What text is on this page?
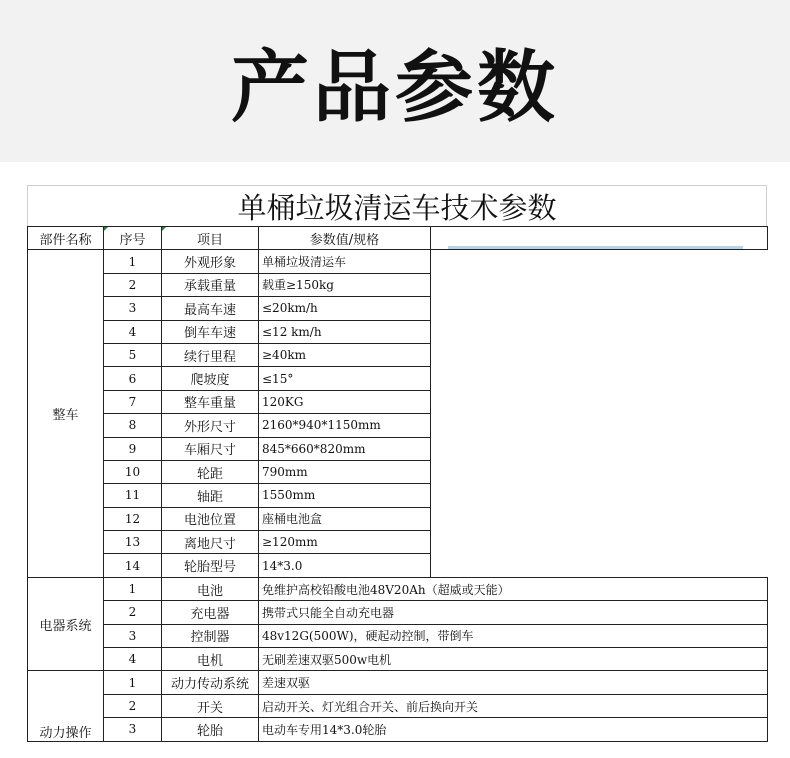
产品参数
单桶垃圾清运车技术参数
部件名称	序号	项目	参数值/规格	

整车	1	外观形象	单桶垃圾清运车	
	2	承载重量	载重≥150kg	
	3	最高车速	≤20km/h	
	4	倒车车速	≤12 km/h	
	5	续行里程	≥40km	
	6	爬坡度	≤15°	
	7	整车重量	120KG	
	8	外形尺寸	2160*940*1150mm	
	9	车厢尺寸	845*660*820mm	
	10	轮距	790mm	
	11	轴距	1550mm	
	12	电池位置	座桶电池盒	
	13	离地尺寸	≥120mm	
	14	轮胎型号	14*3.0	
电器系统	1	电池	免维护高校铅酸电池48V20Ah（超威或天能）	
	2	充电器	携带式只能全自动充电器	
	3	控制器	48v12G(500W)，硬起动控制，带倒车	
	4	电机	无刷差速双驱500w电机	
动力操作	1	动力传动系统	差速双驱	
	2	开关	启动开关、灯光组合开关、前后换向开关	
	3	轮胎	电动车专用14*3.0轮胎	
